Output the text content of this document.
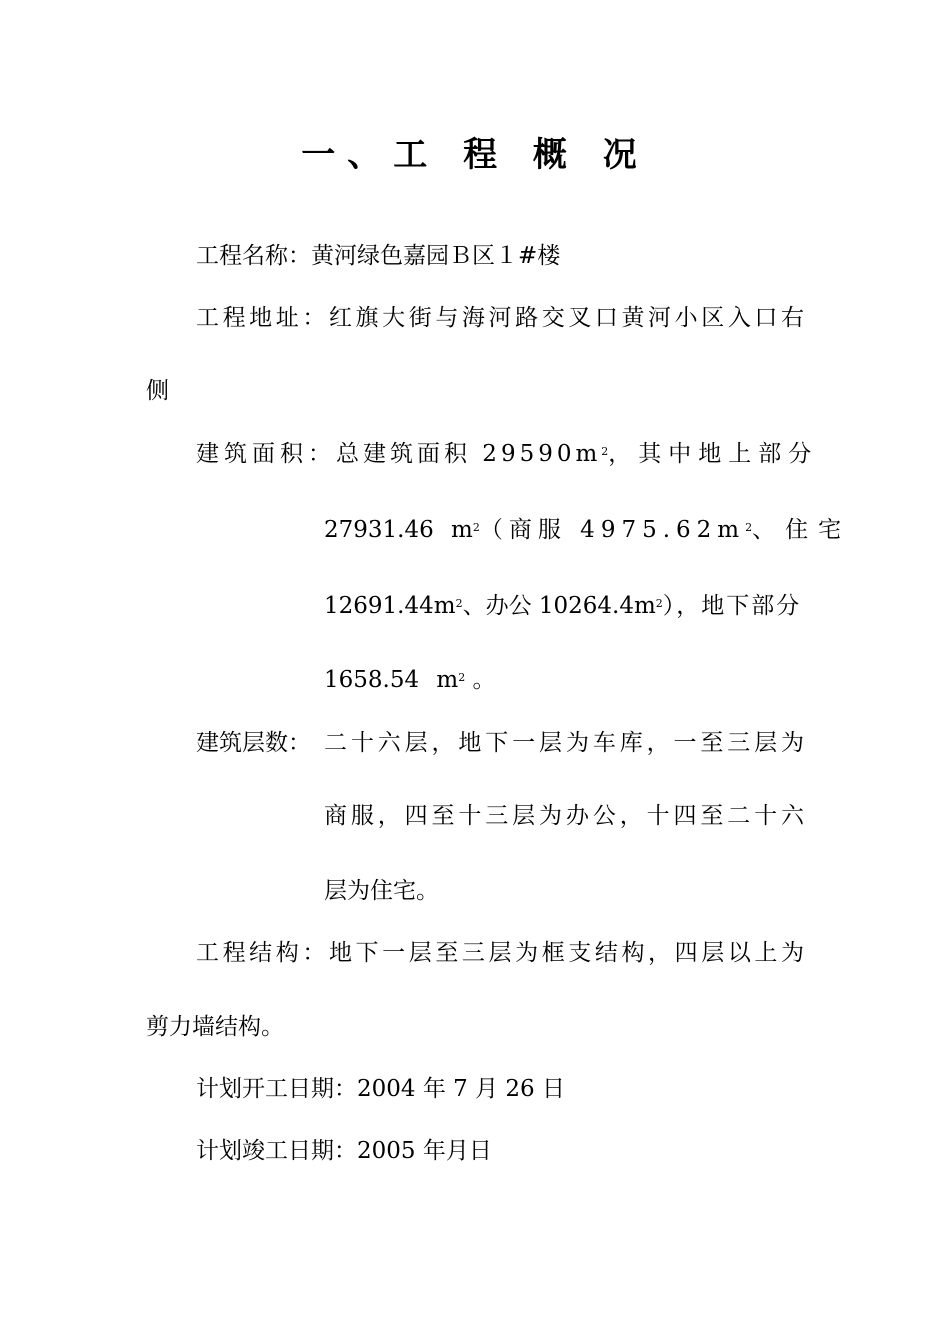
一、工 程 概 况
工程名称：黄河绿色嘉园Ｂ区１#楼
工程地址：红旗大街与海河路交叉口黄河小区入口右
侧
建筑面积：总建筑面积 $29590m^2$，其中地上部分
27931.46 $m^2$（商服 $4975.62m^2$、住宅
$12691.44m^2$、办公 $10264.4m^2$），地下部分
1658.54 $m^2$ 。
建筑层数： 二十六层，地下一层为车库，一至三层为
商服，四至十三层为办公，十四至二十六
层为住宅。
工程结构：地下一层至三层为框支结构，四层以上为
剪力墙结构。
计划开工日期：2004 年 7 月 26 日
计划竣工日期：2005 年月日
